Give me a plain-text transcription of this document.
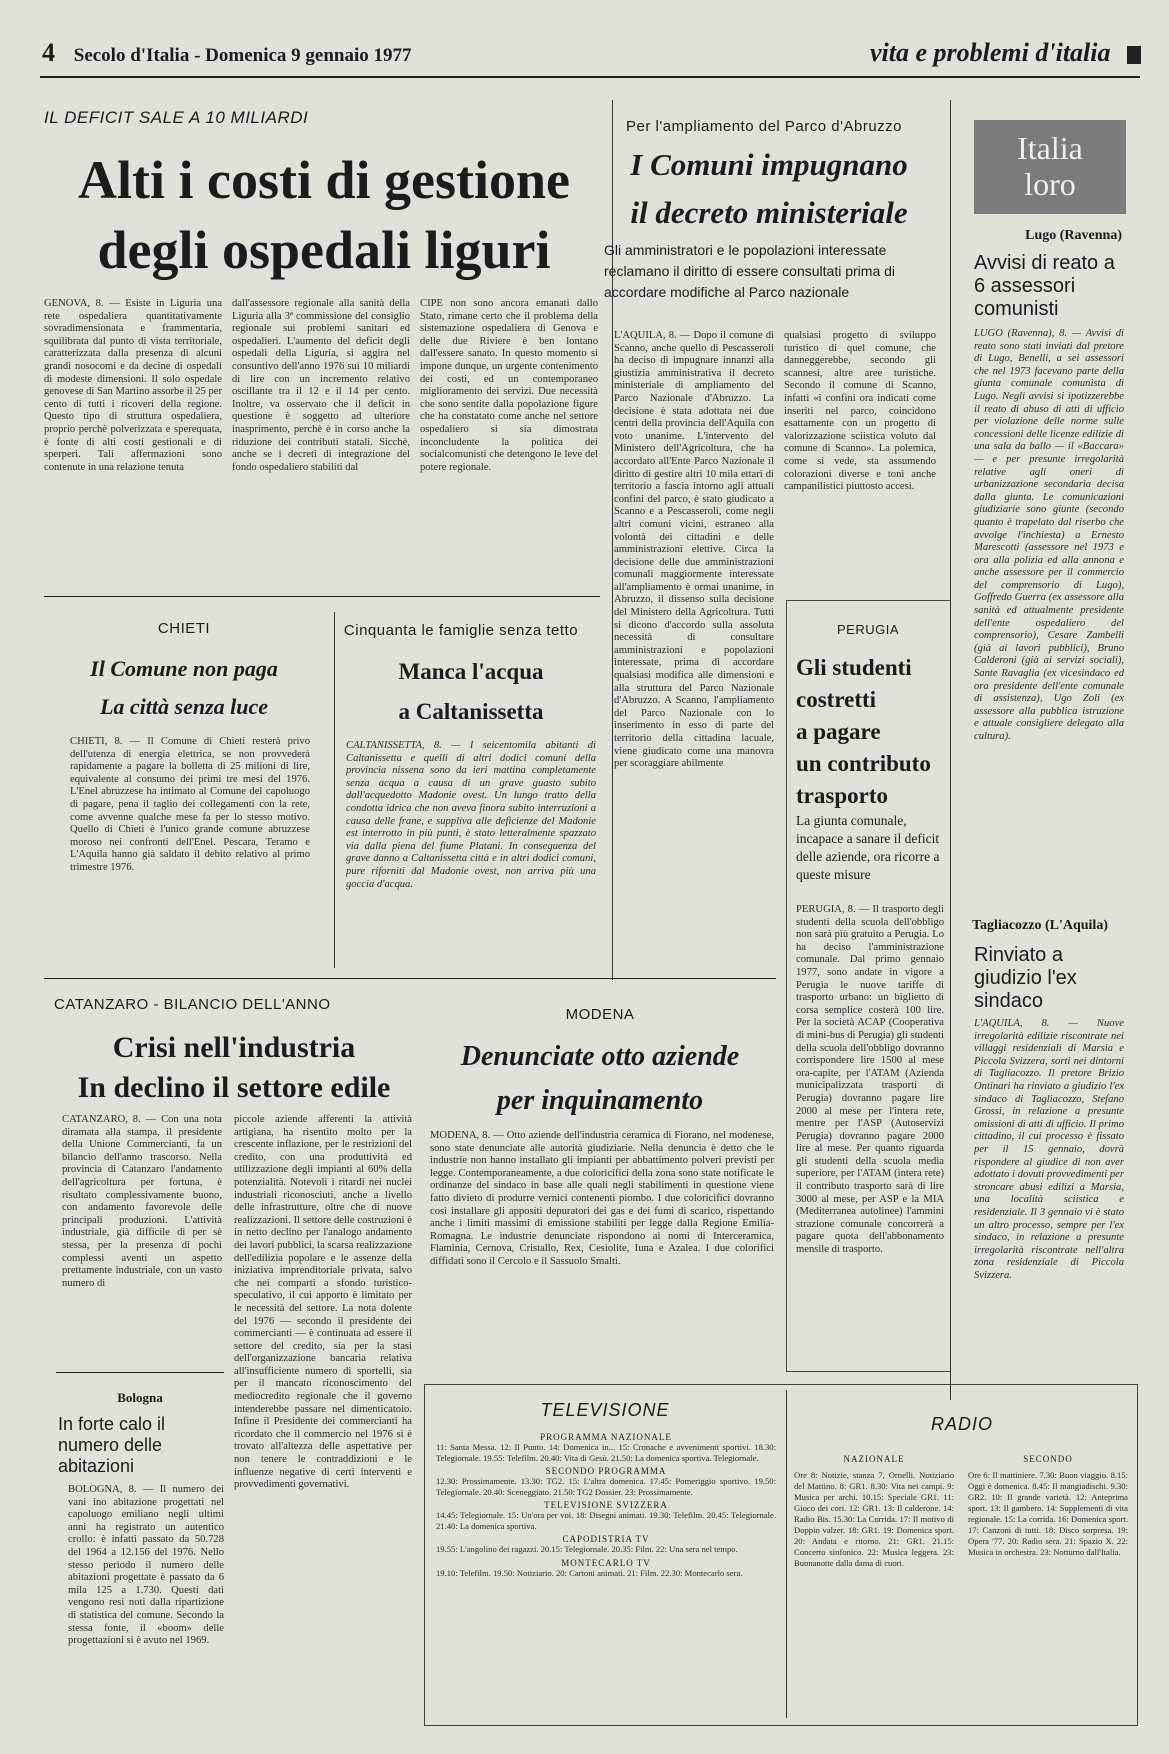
4 Secolo d'Italia - Domenica 9 gennaio 1977	vita e problemi d'italia
IL DEFICIT SALE A 10 MILIARDI
Alti i costi di gestione
degli ospedali liguri
GENOVA, 8. — Esiste in Liguria una rete ospedaliera quantitativamente sovradimensionata e frammentaria, squilibrata dal punto di vista territoriale, caratterizzata dalla presenza di alcuni grandi nosocomi e da decine di ospedali di modeste dimensioni. Il solo ospedale genovese di San Martino assorbe il 25 per cento di tutti i ricoveri della regione. Questo tipo di struttura ospedaliera, proprio perchè polverizzata e sperequata, è fonte di alti costi gestionali e di sperperi. Tali affermazioni sono contenute in una relazione tenuta
dall'assessore regionale alla sanità della Liguria alla 3ª commissione del consiglio regionale sui problemi sanitari ed ospedalieri. L'aumento del deficit degli ospedali della Liguria, si aggira nel consuntivo dell'anno 1976 sui 10 miliardi di lire con un incremento relativo oscillante tra il 12 e il 14 per cento. Inoltre, va osservato che il deficit in questione è soggetto ad ulteriore inasprimento, perchè è in corso anche la riduzione dei contributi statali. Sicchè, anche se i decreti di integrazione del fondo ospedaliero stabiliti dal
CIPE non sono ancora emanati dallo Stato, rimane certo che il problema della sistemazione ospedaliera di Genova e delle due Riviere è ben lontano dall'essere sanato. In questo momento si impone dunque, un urgente contenimento dei costi, ed un contemporaneo miglioramento dei servizi. Due necessità che sono sentite dalla popolazione figure che ha constatato come anche nel settore ospedaliero si sia dimostrata inconcludente la politica dei socialcomunisti che detengono le leve del potere regionale.
Per l'ampliamento del Parco d'Abruzzo
I Comuni impugnano
il decreto ministeriale
Gli amministratori e le popolazioni interessate reclamano il diritto di essere consultati prima di accordare modifiche al Parco nazionale
L'AQUILA, 8. — Dopo il comune di Scanno, anche quello di Pescasseroli ha deciso di impugnare innanzi alla giustizia amministrativa il decreto ministeriale di ampliamento del Parco Nazionale d'Abruzzo. La decisione è stata adottata nei due centri della provincia dell'Aquila con voto unanime. L'intervento del Ministero dell'Agricoltura, che ha accordato all'Ente Parco Nazionale il diritto di gestire altri 10 mila ettari di territorio a fascia intorno agli attuali confini del parco, è stato giudicato a Scanno e a Pescasseroli, come negli altri comuni vicini, estraneo alla volontà dei cittadini e delle amministrazioni elettive. Circa la decisione delle due amministrazioni comunali maggiormente interessate all'ampliamento è ormai unanime, in Abruzzo, il dissenso sulla decisione del Ministero della Agricoltura. Tutti si dicono d'accordo sulla assoluta necessità di consultare amministrazioni e popolazioni interessate, prima di accordare qualsiasi modifica alle dimensioni e alla struttura del Parco Nazionale d'Abruzzo. A Scanno, l'ampliamento del Parco Nazionale con lo inserimento in esso di parte del territorio della cittadina lacuale, viene giudicato come una manovra per scoraggiare abilmente
qualsiasi progetto di sviluppo turistico di quel comune, che danneggerebbe, secondo gli scannesi, altre aree turistiche. Secondo il comune di Scanno, infatti «i confini ora indicati come inseriti nel parco, coincidono esattamente con un progetto di valorizzazione sciistica voluto dal comune di Scanno». La polemica, come si vede, sta assumendo colorazioni diverse e toni anche campanilistici piuttosto accesi.
Italia
loro
Lugo (Ravenna)
Avvisi di reato a 6 assessori comunisti
LUGO (Ravenna), 8. — Avvisi di reato sono stati inviati dal pretore di Lugo, Benelli, a sei assessori che nel 1973 facevano parte della giunta comunale comunista di Lugo. Negli avvisi si ipotizzerebbe il reato di abuso di atti di ufficio per violazione delle norme sulle concessioni delle licenze edilizie di una sala da ballo — il «Baccara» — e per presunte irregolarità relative agli oneri di urbanizzazione secondaria decisa dalla giunta. Le comunicazioni giudiziarie sono giunte (secondo quanto è trapelato dal riserbo che avvolge l'inchiesta) a Ernesto Marescotti (assessore nel 1973 e ora alla polizia ed alla annona e anche assessore per il commercio del comprensorio di Lugo), Goffredo Guerra (ex assessore alla sanità ed attualmente presidente dell'ente ospedaliero del comprensorio), Cesare Zambelli (già ai lavori pubblici), Bruno Calderoni (già ai servizi sociali), Sante Ravaglia (ex vicesindaco ed ora presidente dell'ente comunale di assistenza), Ugo Zoli (ex assessore alla pubblica istruzione e attuale consigliere delegato alla cultura).
Tagliacozzo (L'Aquila)
Rinviato a giudizio l'ex sindaco
L'AQUILA, 8. — Nuove irregolarità edilizie riscontrate nei villaggi residenziali di Marsia e Piccola Svizzera, sorti nei dintorni di Tagliacozzo. Il pretore Brizio Ontinari ha rinviato a giudizio l'ex sindaco di Tagliacozzo, Stefano Grossi, in relazione a presunte omissioni di atti di ufficio. Il primo cittadino, il cui processo è fissato per il 15 gennaio, dovrà rispondere al giudice di non aver adottato i dovuti provvedimenti per stroncare abusi edilizi a Marsia, una località sciistica e residenziale. Il 3 gennaio vi è stato un altro processo, sempre per l'ex sindaco, in relazione a presunte irregolarità riscontrate nell'altra zona residenziale di Piccola Svizzera.
CHIETI
Il Comune non paga
La città senza luce
CHIETI, 8. — Il Comune di Chieti resterà privo dell'utenza di energia elettrica, se non provvederà rapidamente a pagare la bolletta di 25 milioni di lire, equivalente al consumo dei primi tre mesi del 1976. L'Enel abruzzese ha intimato al Comune del capoluogo di pagare, pena il taglio dei collegamenti con la rete, come avvenne qualche mese fa per lo stesso motivo. Quello di Chieti è l'unico grande comune abruzzese moroso nei confronti dell'Enel. Pescara, Teramo e L'Aquila hanno già saldato il debito relativo al primo trimestre 1976.
Cinquanta le famiglie senza tetto
Manca l'acqua
a Caltanissetta
CALTANISSETTA, 8. — I seicentomila abitanti di Caltanissetta e quelli di altri dodici comuni della provincia nissena sono da ieri mattina completamente senza acqua a causa di un grave guasto subito dall'acquedotto Madonie ovest. Un lungo tratto della condotta idrica che non aveva finora subito interruzioni a causa delle frane, e suppliva alle deficienze del Madonie est interrotto in più punti, è stato letteralmente spazzato via dalla piena del fiume Platani. In conseguenza del grave danno a Caltanissetta città e in altri dodici comuni, pure riforniti dal Madonie ovest, non arriva più una goccia d'acqua.
PERUGIA
Gli studenti
costretti
a pagare
un contributo
trasporto
La giunta comunale, incapace a sanare il deficit delle aziende, ora ricorre a queste misure
PERUGIA, 8. — Il trasporto degli studenti della scuola dell'obbligo non sarà più gratuito a Perugia. Lo ha deciso l'amministrazione comunale. Dal primo gennaio 1977, sono andate in vigore a Perugia le nuove tariffe di trasporto urbano: un biglietto di corsa semplice costerà 100 lire. Per la società ACAP (Cooperativa di mini-bus di Perugia) gli studenti della scuola dell'obbligo dovranno corrispondere lire 1500 al mese ora-capite, per l'ATAM (Azienda municipalizzata trasporti di Perugia) dovranno pagare lire 2000 al mese per l'intera rete, mentre per l'ASP (Autoservizi Perugia) dovranno pagare 2000 lire al mese. Per quanto riguarda gli studenti della scuola media superiore, per l'ATAM (intera rete) il contributo trasporto sarà di lire 3000 al mese, per ASP e la MIA (Mediterranea autolinee) l'ammini strazione comunale concorrerà a pagare quota dell'abbonamento mensile di trasporto.
CATANZARO - BILANCIO DELL'ANNO
Crisi nell'industria
In declino il settore edile
CATANZARO, 8. — Con una nota diramata alla stampa, il presidente della Unione Commercianti, fa un bilancio dell'anno trascorso. Nella provincia di Catanzaro l'andamento dell'agricoltura per fortuna, è risultato complessivamente buono, con andamento favorevole delle principali produzioni. L'attività industriale, già difficile di per sè stessa, per la presenza di pochi complessi aventi un aspetto prettamente industriale, con un vasto numero di
piccole aziende afferenti la attività artigiana, ha risentito molto per la crescente inflazione, per le restrizioni del credito, con una produttività ed utilizzazione degli impianti al 60% della potenzialità. Notevoli i ritardi nei nuclei industriali riconosciuti, anche a livello delle infrastrutture, oltre che di nuove realizzazioni. Il settore delle costruzioni è in netto declino per l'analogo andamento dei lavori pubblici, la scarsa realizzazione dell'edilizia popolare e le assenze della iniziativa imprenditoriale privata, salvo che nei comparti a sfondo turistico-speculativo, il cui apporto è limitato per le necessità del settore. La nota dolente del 1976 — secondo il presidente dei commercianti — è continuata ad essere il settore del credito, sia per la stasi dell'organizzazione bancaria relativa all'insufficiente numero di sportelli, sia per il mancato riconoscimento del mediocredito regionale che il governo intenderebbe passare nel dimenticatoio. Infine il Presidente dei commercianti ha ricordato che il commercio nel 1976 si è trovato all'altezza delle aspettative per non tenere le contraddizioni e le influenze negative di certi interventi e provvedimenti governativi.
Bologna
In forte calo il numero delle abitazioni
BOLOGNA, 8. — Il numero dei vani ino abitazione progettati nel capoluogo emiliano negli ultimi anni ha registrato un autentico crollo: è infatti passato da 50.728 del 1964 a 12.156 del 1976. Nello stesso periodo il numero delle abitazioni progettate è passato da 6 mila 125 a 1.730. Questi dati vengono resi noti dalla ripartizione di statistica del comune. Secondo la stessa fonte, il «boom» delle progettazioni si è avuto nel 1969.
MODENA
Denunciate otto aziende
per inquinamento
MODENA, 8. — Otto aziende dell'industria ceramica di Fiorano, nel modenese, sono state denunciate alle autorità giudiziarie. Nella denuncia è detto che le industrie non hanno installato gli impianti per abbattimento polveri previsti per legge. Contemporaneamente, a due coloricifici della zona sono state notificate le ordinanze del sindaco in base alle quali negli stabilimenti in questione viene fatto divieto di produrre vernici contenenti piombo. I due coloricifici dovranno così installare gli appositi depuratori dei gas e dei fumi di scarico, rispettando anche i limiti massimi di emissione stabiliti per legge dalla Regione Emilia-Romagna. Le industrie denunciate rispondono ai nomi di Interceramica, Flaminia, Cernova, Cristallo, Rex, Cesiolite, Iuna e Azalea. I due colorifici diffidati sono il Cercolo e il Sassuolo Smalti.
TELEVISIONE
PROGRAMMA NAZIONALE
11: Santa Messa. 12: Il Punto. 14: Domenica in... 15: Cronache e avvenimenti sportivi. 18.30: Telegiornale. 19.55: Telefilm. 20.40: Vita di Gesù. 21.50: La domenica sportiva. Telegiornale.
SECONDO PROGRAMMA
12.30: Prossimamente. 13.30: TG2. 15: L'altra domenica. 17.45: Pomeriggio sportivo. 19.50: Telegiornale. 20.40: Sceneggiato. 21.50: TG2 Dossier. 23: Prossimamente.
TELEVISIONE SVIZZERA
14.45: Telegiornale. 15: Un'ora per voi. 18: Disegni animati. 19.30: Telefilm. 20.45: Telegiornale. 21.40: La domenica sportiva.
CAPODISTRIA TV
19.55: L'angolino dei ragazzi. 20.15: Telegiornale. 20.35: Film. 22: Una sera nel tempo.
MONTECARLO TV
19.10: Telefilm. 19.50: Notiziario. 20: Cartoni animati. 21: Film. 22.30: Montecarlo sera.
RADIO
NAZIONALE
Ore 8: Notizie, stanza 7, Ornelli. Notiziario del Mattino. 8: GR1. 8.30: Vita nei campi. 9: Musica per archi. 10.15: Speciale GR1. 11: Gioco dei cori. 12: GR1. 13: Il calderone. 14: Radio Bis. 15.30: La Corrida. 17: Il motivo di Doppio valzer. 18: GR1. 19: Domenica sport. 20: Andata e ritorno. 21: GR1. 21.15: Concerto sinfonico. 22: Musica leggera. 23: Buonanotte dalla dama di cuori.
SECONDO
Ore 6: Il mattiniere. 7.30: Buon viaggio. 8.15: Oggi è domenica. 8.45: Il mangiadischi. 9.30: GR2. 10: Il grande varietà. 12: Anteprima sport. 13: Il gambero. 14: Supplementi di vita regionale. 15: La corrida. 16: Domenica sport. 17: Canzoni di tutti. 18: Disco sorpresa. 19: Opera '77. 20: Radio sera. 21: Spazio X. 22: Musica in orchestra. 23: Notturno dall'Italia.
